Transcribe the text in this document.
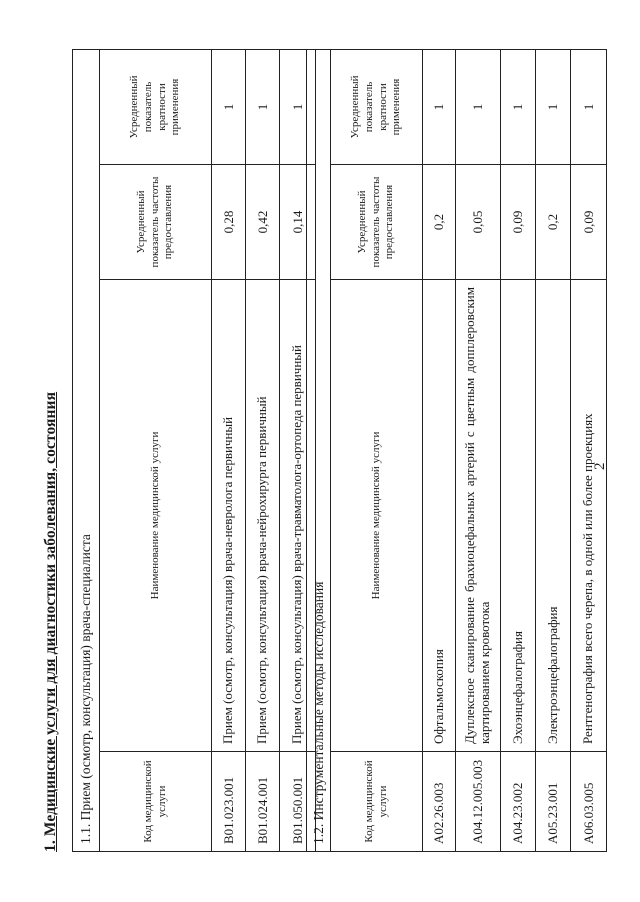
2
1. Медицинские услуги для диагностики заболевания, состояния 1.1. Прием (осмотр, консультация) врача-специалиста			
Код медицинской услуги	Наименование медицинской услуги	Усредненный показатель частоты предоставления	Усредненный показатель кратности применения
B01.023.001	Прием (осмотр, консультация) врача-невролога первичный	0,28	1
B01.024.001	Прием (осмотр, консультация) врача-нейрохирурга первичный	0,42	1
B01.050.001	Прием (осмотр, консультация) врача-травматолога-ортопеда первичный	0,14	1
1.2. Инструментальные методы исследования			
Код медицинской услуги	Наименование медицинской услуги	Усредненный показатель частоты предоставления	Усредненный показатель кратности применения
A02.26.003	Офтальмоскопия	0,2	1
A04.12.005.003	Дуплексное сканирование брахиоцефальных артерий с цветным допплеровским картированием кровотока	0,05	1
A04.23.002	Эхоэнцефалография	0,09	1
A05.23.001	Электроэнцефалография	0,2	1
A06.03.005	Рентгенография всего черепа, в одной или более проекциях	0,09	1
